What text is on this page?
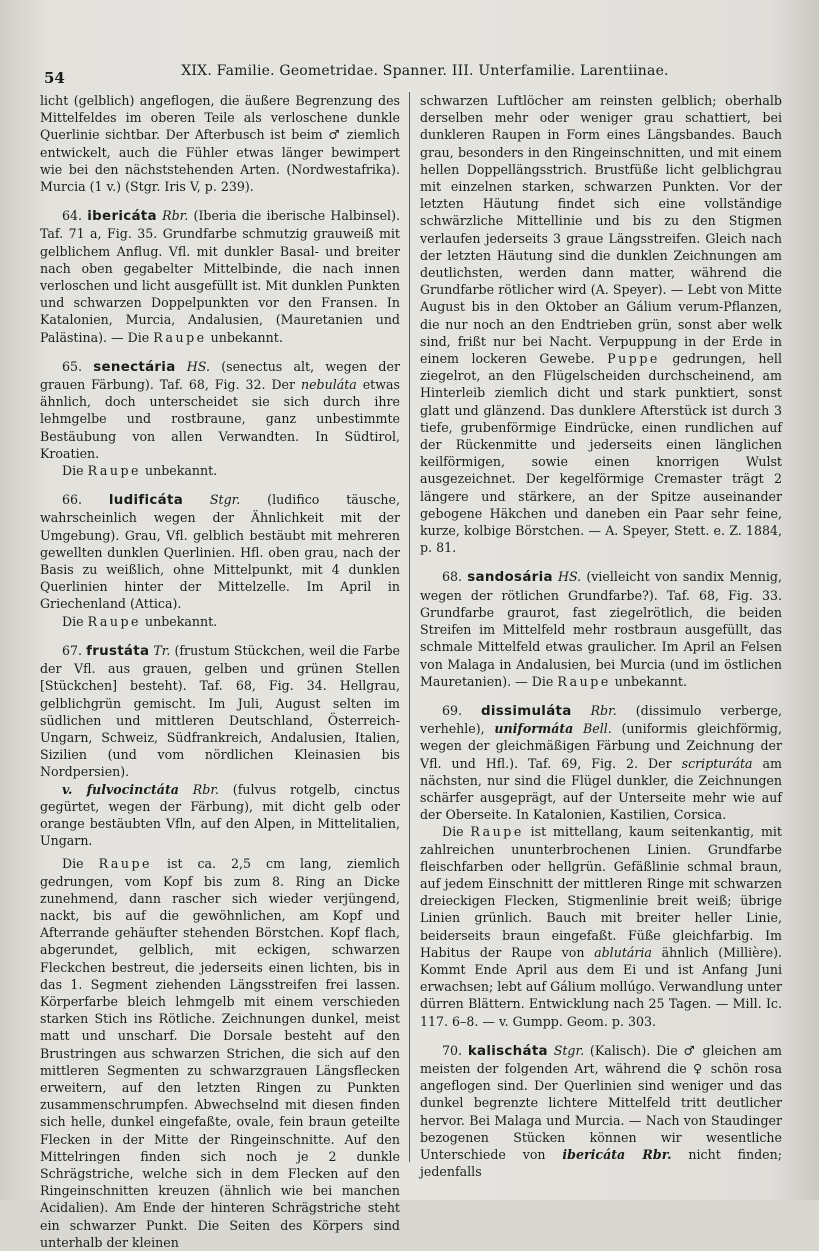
54	XIX. Familie. Geometridae. Spanner. III. Unterfamilie. Larentiinae.

licht (gelblich) angeflogen, die äußere Begrenzung des Mittelfeldes im oberen Teile als verloschene dunkle Querlinie sichtbar. Der Afterbusch ist beim ♂ ziemlich entwickelt, auch die Fühler etwas länger bewimpert wie bei den nächststehenden Arten. (Nordwestafrika). Murcia (1 v.) (Stgr. Iris V, p. 239).

64. ibericáta Rbr. (Iberia die iberische Halbinsel). Taf. 71 a, Fig. 35. Grundfarbe schmutzig grauweiß mit gelblichem Anflug. Vfl. mit dunkler Basal- und breiter nach oben gegabelter Mittelbinde, die nach innen verloschen und licht ausgefüllt ist. Mit dunklen Punkten und schwarzen Doppelpunkten vor den Fransen. In Katalonien, Murcia, Andalusien, (Mauretanien und Palästina). — Die Raupe unbekannt.

65. senectária HS. (senectus alt, wegen der grauen Färbung). Taf. 68, Fig. 32. Der nebuláta etwas ähnlich, doch unterscheidet sie sich durch ihre lehmgelbe und rostbraune, ganz unbestimmte Bestäubung von allen Verwandten. In Südtirol, Kroatien.

Die Raupe unbekannt.

66. ludificáta Stgr. (ludifico täusche, wahrscheinlich wegen der Ähnlichkeit mit der Umgebung). Grau, Vfl. gelblich bestäubt mit mehreren gewellten dunklen Querlinien. Hfl. oben grau, nach der Basis zu weißlich, ohne Mittelpunkt, mit 4 dunklen Querlinien hinter der Mittelzelle. Im April in Griechenland (Attica).

Die Raupe unbekannt.

67. frustáta Tr. (frustum Stückchen, weil die Farbe der Vfl. aus grauen, gelben und grünen Stellen [Stückchen] besteht). Taf. 68, Fig. 34. Hellgrau, gelblichgrün gemischt. Im Juli, August selten im südlichen und mittleren Deutschland, Österreich-Ungarn, Schweiz, Südfrankreich, Andalusien, Italien, Sizilien (und vom nördlichen Kleinasien bis Nordpersien).

v. fulvocinctáta Rbr. (fulvus rotgelb, cinctus gegürtet, wegen der Färbung), mit dicht gelb oder orange bestäubten Vfln, auf den Alpen, in Mittelitalien, Ungarn.

Die Raupe ist ca. 2,5 cm lang, ziemlich gedrungen, vom Kopf bis zum 8. Ring an Dicke zunehmend, dann rascher sich wieder verjüngend, nackt, bis auf die gewöhnlichen, am Kopf und Afterrande gehäufter stehenden Börstchen. Kopf flach, abgerundet, gelblich, mit eckigen, schwarzen Fleckchen bestreut, die jederseits einen lichten, bis in das 1. Segment ziehenden Längsstreifen frei lassen. Körperfarbe bleich lehmgelb mit einem verschieden starken Stich ins Rötliche. Zeichnungen dunkel, meist matt und unscharf. Die Dorsale besteht auf den Brustringen aus schwarzen Strichen, die sich auf den mittleren Segmenten zu schwarzgrauen Längsflecken erweitern, auf den letzten Ringen zu Punkten zusammenschrumpfen. Abwechselnd mit diesen finden sich helle, dunkel eingefaßte, ovale, fein braun geteilte Flecken in der Mitte der Ringeinschnitte. Auf den Mittelringen finden sich noch je 2 dunkle Schrägstriche, welche sich in dem Flecken auf den Ringeinschnitten kreuzen (ähnlich wie bei manchen Acidalien). Am Ende der hinteren Schrägstriche steht ein schwarzer Punkt. Die Seiten des Körpers sind unterhalb der kleinen

schwarzen Luftlöcher am reinsten gelblich; oberhalb derselben mehr oder weniger grau schattiert, bei dunkleren Raupen in Form eines Längsbandes. Bauch grau, besonders in den Ringeinschnitten, und mit einem hellen Doppellängsstrich. Brustfüße licht gelblichgrau mit einzelnen starken, schwarzen Punkten. Vor der letzten Häutung findet sich eine vollständige schwärzliche Mittellinie und bis zu den Stigmen verlaufen jederseits 3 graue Längsstreifen. Gleich nach der letzten Häutung sind die dunklen Zeichnungen am deutlichsten, werden dann matter, während die Grundfarbe rötlicher wird (A. Speyer). — Lebt von Mitte August bis in den Oktober an Gálium verum-Pflanzen, die nur noch an den Endtrieben grün, sonst aber welk sind, frißt nur bei Nacht. Verpuppung in der Erde in einem lockeren Gewebe. Puppe gedrungen, hell ziegelrot, an den Flügelscheiden durchscheinend, am Hinterleib ziemlich dicht und stark punktiert, sonst glatt und glänzend. Das dunklere Afterstück ist durch 3 tiefe, grubenförmige Eindrücke, einen rundlichen auf der Rückenmitte und jederseits einen länglichen keilförmigen, sowie einen knorrigen Wulst ausgezeichnet. Der kegelförmige Cremaster trägt 2 längere und stärkere, an der Spitze auseinander gebogene Häkchen und daneben ein Paar sehr feine, kurze, kolbige Börstchen. — A. Speyer, Stett. e. Z. 1884, p. 81.

68. sandosária HS. (vielleicht von sandix Mennig, wegen der rötlichen Grundfarbe?). Taf. 68, Fig. 33. Grundfarbe graurot, fast ziegelrötlich, die beiden Streifen im Mittelfeld mehr rostbraun ausgefüllt, das schmale Mittelfeld etwas graulicher. Im April an Felsen von Malaga in Andalusien, bei Murcia (und im östlichen Mauretanien). — Die Raupe unbekannt.

69. dissimuláta Rbr. (dissimulo verberge, verhehle), uniformáta Bell. (uniformis gleichförmig, wegen der gleichmäßigen Färbung und Zeichnung der Vfl. und Hfl.). Taf. 69, Fig. 2. Der scripturáta am nächsten, nur sind die Flügel dunkler, die Zeichnungen schärfer ausgeprägt, auf der Unterseite mehr wie auf der Oberseite. In Katalonien, Kastilien, Corsica.

Die Raupe ist mittellang, kaum seitenkantig, mit zahlreichen ununterbrochenen Linien. Grundfarbe fleischfarben oder hellgrün. Gefäßlinie schmal braun, auf jedem Einschnitt der mittleren Ringe mit schwarzen dreieckigen Flecken, Stigmenlinie breit weiß; übrige Linien grünlich. Bauch mit breiter heller Linie, beiderseits braun eingefaßt. Füße gleichfarbig. Im Habitus der Raupe von ablutária ähnlich (Millière). Kommt Ende April aus dem Ei und ist Anfang Juni erwachsen; lebt auf Gálium mollúgo. Verwandlung unter dürren Blättern. Entwicklung nach 25 Tagen. — Mill. Ic. 117. 6–8. — v. Gumpp. Geom. p. 303.

70. kalischáta Stgr. (Kalisch). Die ♂ gleichen am meisten der folgenden Art, während die ♀ schön rosa angeflogen sind. Der Querlinien sind weniger und das dunkel begrenzte lichtere Mittelfeld tritt deutlicher hervor. Bei Malaga und Murcia. — Nach von Staudinger bezogenen Stücken können wir wesentliche Unterschiede von ibericáta Rbr. nicht finden; jedenfalls
